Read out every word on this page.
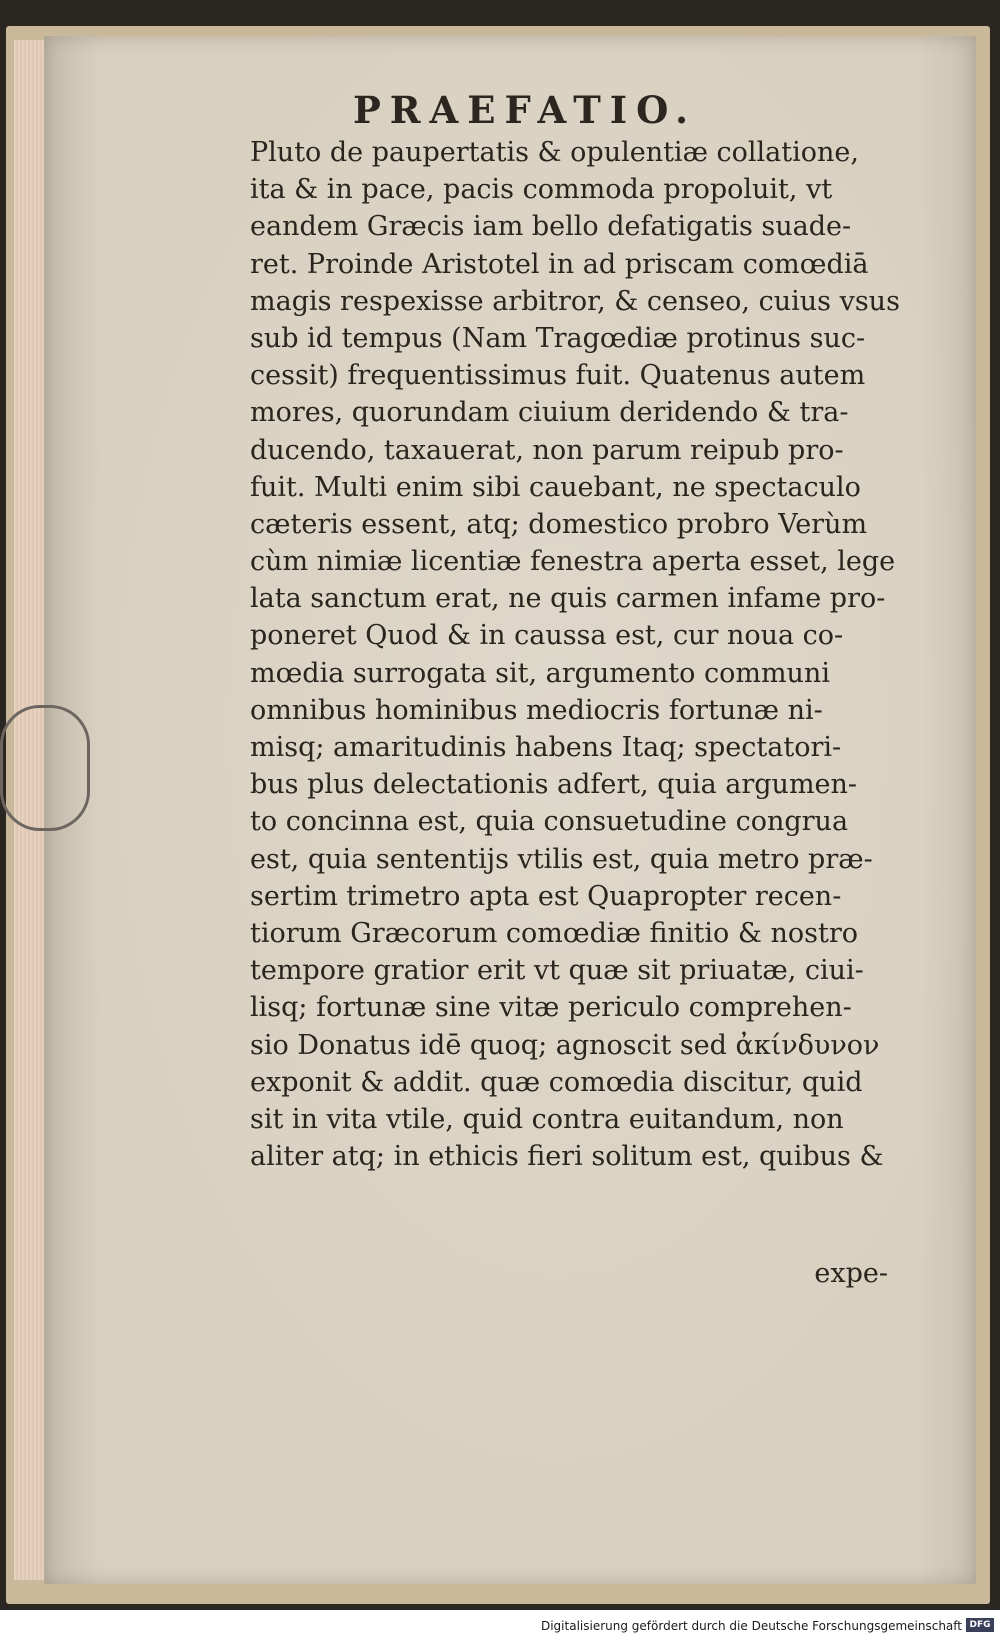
PRAEFATIO.
Pluto de paupertatis & opulentiæ collatione,
ita & in pace, pacis commoda propoluit, vt
eandem Græcis iam bello defatigatis suade-
ret. Proinde Aristotel in ad priscam comœdiā
magis respexisse arbitror, & censeo, cuius vsus
sub id tempus (Nam Tragœdiæ protinus suc-
cessit) frequentissimus fuit. Quatenus autem
mores, quorundam ciuium deridendo & tra-
ducendo, taxauerat, non parum reipub pro-
fuit. Multi enim sibi cauebant, ne spectaculo
cæteris essent, atq; domestico probro Verùm
cùm nimiæ licentiæ fenestra aperta esset, lege
lata sanctum erat, ne quis carmen infame pro-
poneret Quod & in caussa est, cur noua co-
mœdia surrogata sit, argumento communi
omnibus hominibus mediocris fortunæ ni-
misq; amaritudinis habens Itaq; spectatori-
bus plus delectationis adfert, quia argumen-
to concinna est, quia consuetudine congrua
est, quia sententijs vtilis est, quia metro præ-
sertim trimetro apta est Quapropter recen-
tiorum Græcorum comœdiæ finitio & nostro
tempore gratior erit vt quæ sit priuatæ, ciui-
lisq; fortunæ sine vitæ periculo comprehen-
sio Donatus idē quoq; agnoscit sed ἀκίνδυνον
exponit & addit. quæ comœdia discitur, quid
sit in vita vtile, quid contra euitandum, non
aliter atq; in ethicis fieri solitum est, quibus &
expe-
Digitalisierung gefördert durch die Deutsche Forschungsgemeinschaft DFG
